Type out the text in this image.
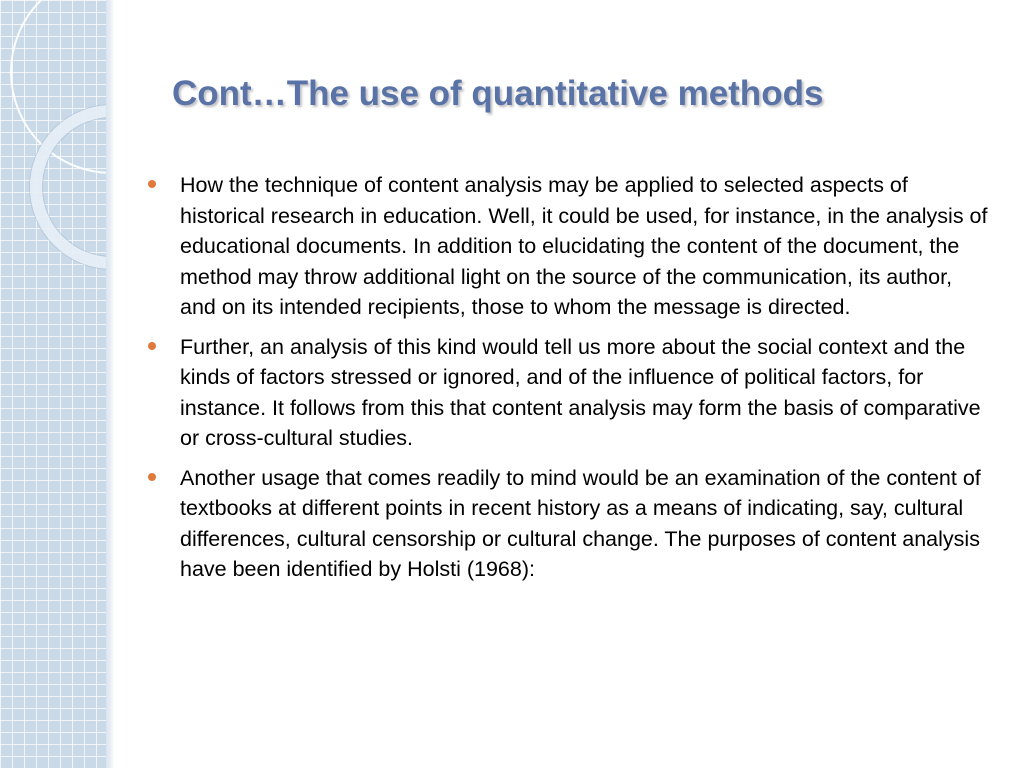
Cont…The use of quantitative methods
How the technique of content analysis may be applied to selected aspects of historical research in education. Well, it could be used, for instance, in the analysis of educational documents. In addition to elucidating the content of the document, the method may throw additional light on the source of the communication, its author, and on its intended recipients, those to whom the message is directed.
Further, an analysis of this kind would tell us more about the social context and the kinds of factors stressed or ignored, and of the influence of political factors, for instance. It follows from this that content analysis may form the basis of comparative or cross-cultural studies.
Another usage that comes readily to mind would be an examination of the content of textbooks at different points in recent history as a means of indicating, say, cultural differences, cultural censorship or cultural change. The purposes of content analysis have been identified by Holsti (1968):
